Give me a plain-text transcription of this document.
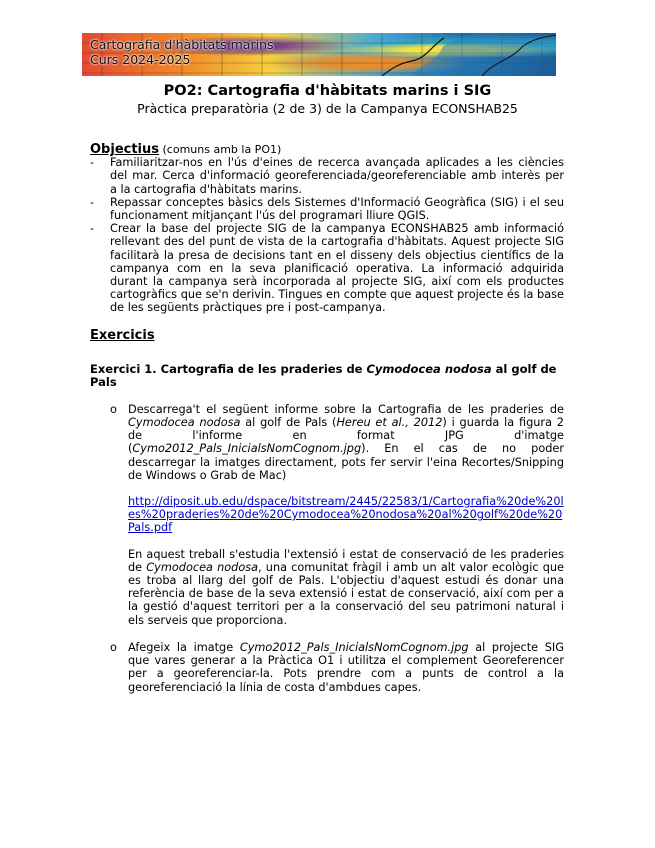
Cartografia d'hàbitats marins
Curs 2024-2025
PO2: Cartografia d'hàbitats marins i SIG
Pràctica preparatòria (2 de 3) de la Campanya ECONSHAB25
Objectius (comuns amb la PO1)
- Familiaritzar-nos en l'ús d'eines de recerca avançada aplicades a les ciències del mar. Cerca d'informació georeferenciada/georeferenciable amb interès per a la cartografia d'hàbitats marins.
- Repassar conceptes bàsics dels Sistemes d'Informació Geogràfica (SIG) i el seu funcionament mitjançant l'ús del programari lliure QGIS.
- Crear la base del projecte SIG de la campanya ECONSHAB25 amb informació rellevant des del punt de vista de la cartografia d'hàbitats. Aquest projecte SIG facilitarà la presa de decisions tant en el disseny dels objectius científics de la campanya com en la seva planificació operativa. La informació adquirida durant la campanya serà incorporada al projecte SIG, així com els productes cartogràfics que se'n derivin. Tingues en compte que aquest projecte és la base de les següents pràctiques pre i post-campanya.
Exercicis
Exercici 1. Cartografia de les praderies de Cymodocea nodosa al golf de Pals
o Descarrega't el següent informe sobre la Cartografia de les praderies de Cymodocea nodosa al golf de Pals (Hereu et al., 2012) i guarda la figura 2 de l'informe en format JPG d'imatge (Cymo2012_Pals_InicialsNomCognom.jpg). En el cas de no poder descarregar la imatges directament, pots fer servir l'eina Recortes/Snipping de Windows o Grab de Mac)

http://diposit.ub.edu/dspace/bitstream/2445/22583/1/Cartografia%20de%20les%20praderies%20de%20Cymodocea%20nodosa%20al%20golf%20de%20Pals.pdf

En aquest treball s'estudia l'extensió i estat de conservació de les praderies de Cymodocea nodosa, una comunitat fràgil i amb un alt valor ecològic que es troba al llarg del golf de Pals. L'objectiu d'aquest estudi és donar una referència de base de la seva extensió i estat de conservació, així com per a la gestió d'aquest territori per a la conservació del seu patrimoni natural i els serveis que proporciona.

o Afegeix la imatge Cymo2012_Pals_InicialsNomCognom.jpg al projecte SIG que vares generar a la Pràctica O1 i utilitza el complement Georeferencer per a georeferenciar-la. Pots prendre com a punts de control a la georeferenciació la línia de costa d'ambdues capes.
